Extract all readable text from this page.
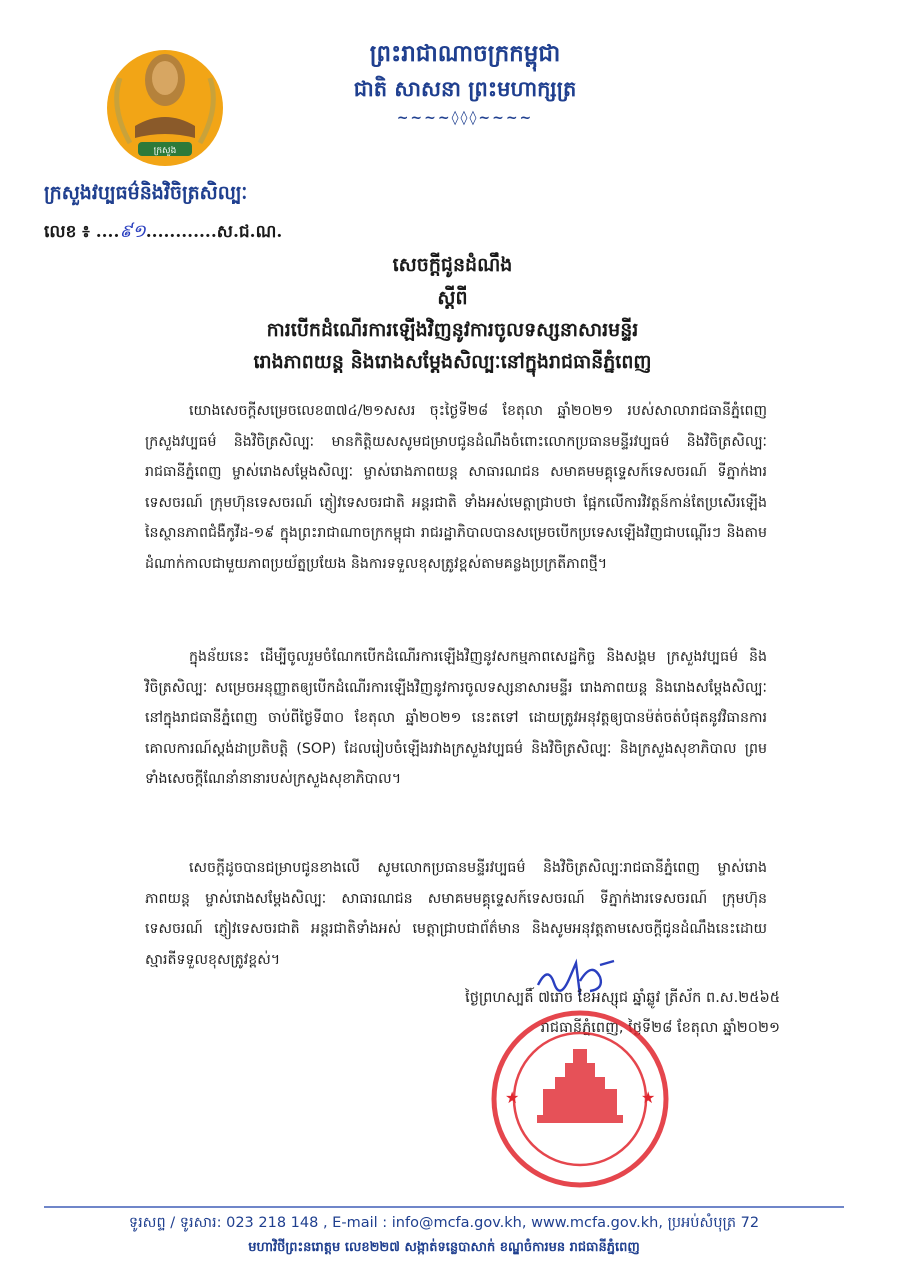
ក្រសួង
ព្រះរាជាណាចក្រកម្ពុជា
ជាតិ សាសនា ព្រះមហាក្សត្រ
~~~~◊◊◊~~~~
ក្រសួងវប្បធម៌និងវិចិត្រសិល្បៈ
លេខ ៖ ....៩១............ស.ជ.ណ.
សេចក្តីជូនដំណឹង
ស្តីពី
ការបើកដំណើរការឡើងវិញនូវការចូលទស្សនាសារមន្ទីរ
រោងភាពយន្ត និងរោងសម្តែងសិល្បៈនៅក្នុងរាជធានីភ្នំពេញ
យោងសេចក្តីសម្រេចលេខ៣៧៤/២១សសរ ចុះថ្ងៃទី២៨ ខែតុលា ឆ្នាំ២០២១ របស់សាលារាជធានីភ្នំពេញ ក្រសួងវប្បធម៌ និងវិចិត្រសិល្បៈ មានកិត្តិយសសូមជម្រាបជូនដំណឹងចំពោះលោកប្រធានមន្ទីរវប្បធម៌ និងវិចិត្រសិល្បៈរាជធានីភ្នំពេញ ម្ចាស់រោងសម្តែងសិល្បៈ ម្ចាស់រោងភាពយន្ត សាធារណជន សមាគមមគ្គុទ្ទេសក៍ទេសចរណ៍ ទីភ្នាក់ងារទេសចរណ៍ ក្រុមហ៊ុនទេសចរណ៍ ភ្ញៀវទេសចរជាតិ អន្តរជាតិ ទាំងអស់មេត្តាជ្រាបថា ផ្អែកលើការវិវត្តន៍កាន់តែប្រសើរឡើងនៃស្ថានភាពជំងឺកូវីដ-១៩ ក្នុងព្រះរាជាណាចក្រកម្ពុជា រាជរដ្ឋាភិបាលបានសម្រេចបើកប្រទេសឡើងវិញជាបណ្តើរៗ និងតាមដំណាក់កាលជាមួយភាពប្រយ័ត្នប្រយែង និងការទទួលខុសត្រូវខ្ពស់តាមគន្លងប្រក្រតីភាពថ្មី។
ក្នុងន័យនេះ ដើម្បីចូលរួមចំណែកបើកដំណើរការឡើងវិញនូវសកម្មភាពសេដ្ឋកិច្ច និងសង្គម ក្រសួងវប្បធម៌ និងវិចិត្រសិល្បៈ សម្រេចអនុញ្ញាតឲ្យបើកដំណើរការឡើងវិញនូវការចូលទស្សនាសារមន្ទីរ រោងភាពយន្ត និងរោងសម្តែងសិល្បៈ នៅក្នុងរាជធានីភ្នំពេញ ចាប់ពីថ្ងៃទី៣០ ខែតុលា ឆ្នាំ២០២១ នេះតទៅ ដោយត្រូវអនុវត្តឲ្យបានម៉ត់ចត់បំផុតនូវវិធានការគោលការណ៍ស្តង់ដាប្រតិបត្តិ (SOP) ដែលរៀបចំឡើងរវាងក្រសួងវប្បធម៌ និងវិចិត្រសិល្បៈ និងក្រសួងសុខាភិបាល ព្រមទាំងសេចក្តីណែនាំនានារបស់ក្រសួងសុខាភិបាល។
សេចក្តីដូចបានជម្រាបជូនខាងលើ សូមលោកប្រធានមន្ទីរវប្បធម៌ និងវិចិត្រសិល្បៈរាជធានីភ្នំពេញ ម្ចាស់រោងភាពយន្ត ម្ចាស់រោងសម្តែងសិល្បៈ សាធារណជន សមាគមមគ្គុទ្ទេសក៍ទេសចរណ៍ ទីភ្នាក់ងារទេសចរណ៍ ក្រុមហ៊ុនទេសចរណ៍ ភ្ញៀវទេសចរជាតិ អន្តរជាតិទាំងអស់ មេត្តាជ្រាបជាព័ត៌មាន និងសូមអនុវត្តតាមសេចក្តីជូនដំណឹងនេះដោយស្មារតីទទួលខុសត្រូវខ្ពស់។
ថ្ងៃព្រហស្បតិ៍ ៧រោច ខែអស្សុជ ឆ្នាំឆ្លូវ ត្រីស័ក ព.ស.២៥៦៥
រាជធានីភ្នំពេញ, ថ្ងៃទី២៨ ខែតុលា ឆ្នាំ២០២១
★	★
ទូរសព្ទ / ទូរសារ: 023 218 148 , E-mail : info@mcfa.gov.kh, www.mcfa.gov.kh, ប្រអប់សំបុត្រ 72
មហាវិថីព្រះនរោត្តម លេខ២២៧ សង្កាត់ទន្លេបាសាក់ ខណ្ឌចំការមន រាជធានីភ្នំពេញ
